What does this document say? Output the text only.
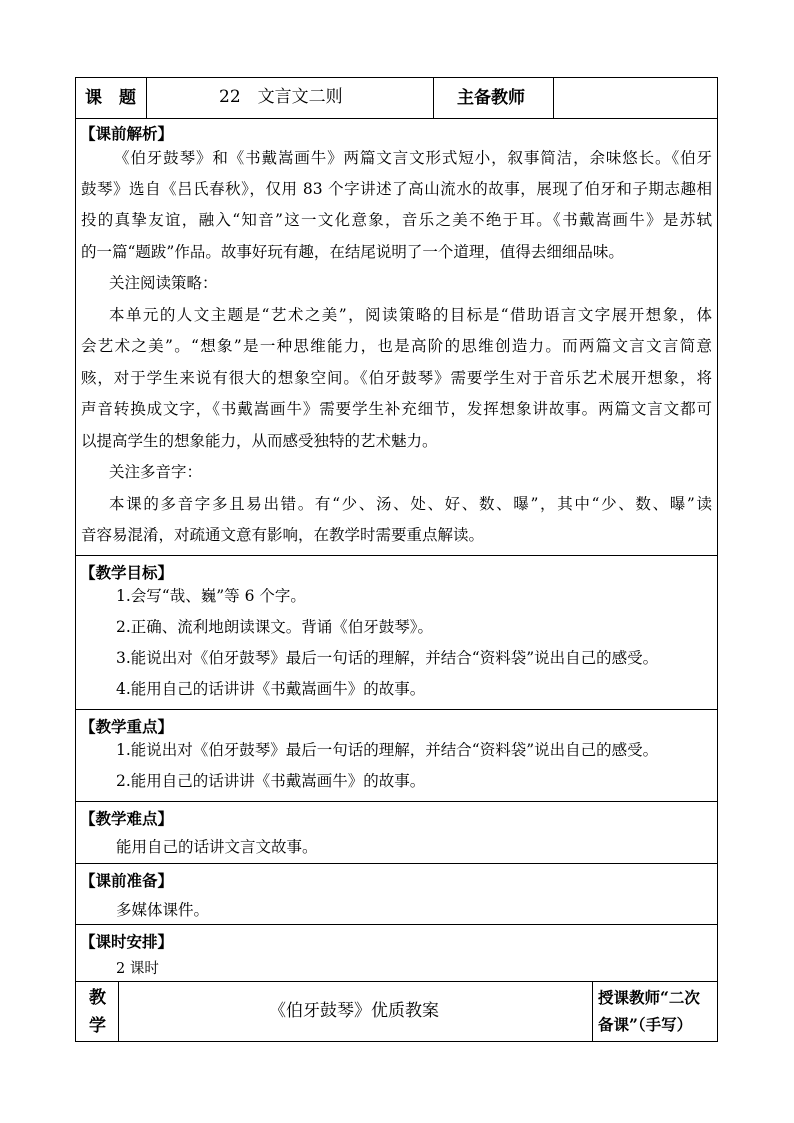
课　题	22　文言文二则	主备教师
【课前解析】
《伯牙鼓琴》和《书戴嵩画牛》两篇文言文形式短小，叙事简洁，余味悠长。《伯牙
鼓琴》选自《吕氏春秋》，仅用 83 个字讲述了高山流水的故事，展现了伯牙和子期志趣相
投的真挚友谊，融入“知音”这一文化意象，音乐之美不绝于耳。《书戴嵩画牛》是苏轼
的一篇“题跋”作品。故事好玩有趣，在结尾说明了一个道理，值得去细细品味。
关注阅读策略：
本单元的人文主题是“艺术之美”，阅读策略的目标是“借助语言文字展开想象，体
会艺术之美”。“想象”是一种思维能力，也是高阶的思维创造力。而两篇文言文言简意
赅，对于学生来说有很大的想象空间。《伯牙鼓琴》需要学生对于音乐艺术展开想象，将
声音转换成文字，《书戴嵩画牛》需要学生补充细节，发挥想象讲故事。两篇文言文都可
以提高学生的想象能力，从而感受独特的艺术魅力。
关注多音字：
本课的多音字多且易出错。有“少、汤、处、好、数、曝”，其中“少、数、曝”读
音容易混淆，对疏通文意有影响，在教学时需要重点解读。
【教学目标】
1.会写“哉、巍”等 6 个字。
2.正确、流利地朗读课文。背诵《伯牙鼓琴》。
3.能说出对《伯牙鼓琴》最后一句话的理解，并结合“资料袋”说出自己的感受。
4.能用自己的话讲讲《书戴嵩画牛》的故事。
【教学重点】
1.能说出对《伯牙鼓琴》最后一句话的理解，并结合“资料袋”说出自己的感受。
2.能用自己的话讲讲《书戴嵩画牛》的故事。
【教学难点】
能用自己的话讲文言文故事。
【课前准备】
多媒体课件。
【课时安排】
2 课时
教
学
《伯牙鼓琴》优质教案
授课教师“二次
备课”（手写）
